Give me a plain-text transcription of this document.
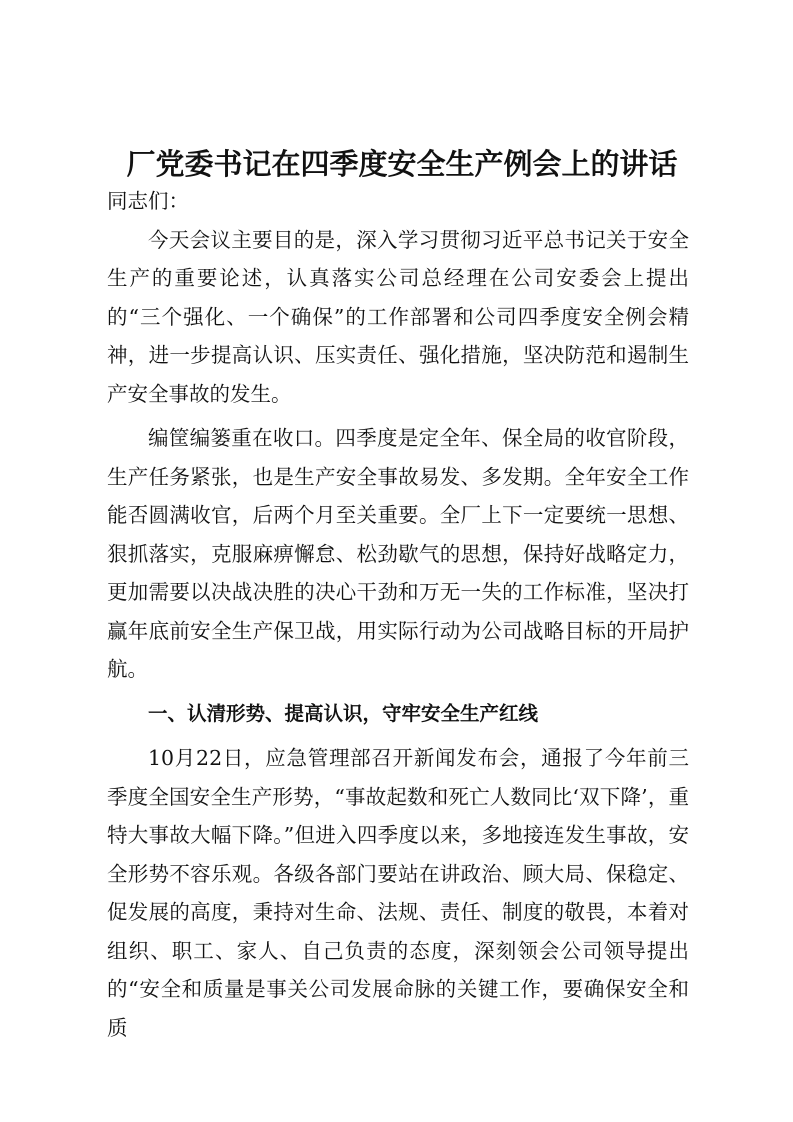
厂党委书记在四季度安全生产例会上的讲话

同志们：

今天会议主要目的是，深入学习贯彻习近平总书记关于安全生产的重要论述，认真落实公司总经理在公司安委会上提出的“三个强化、一个确保”的工作部署和公司四季度安全例会精神，进一步提高认识、压实责任、强化措施，坚决防范和遏制生产安全事故的发生。

编筐编篓重在收口。四季度是定全年、保全局的收官阶段，生产任务紧张，也是生产安全事故易发、多发期。全年安全工作能否圆满收官，后两个月至关重要。全厂上下一定要统一思想、狠抓落实，克服麻痹懈怠、松劲歇气的思想，保持好战略定力，更加需要以决战决胜的决心干劲和万无一失的工作标准，坚决打赢年底前安全生产保卫战，用实际行动为公司战略目标的开局护航。

一、认清形势、提高认识，守牢安全生产红线

10月22日，应急管理部召开新闻发布会，通报了今年前三季度全国安全生产形势，“事故起数和死亡人数同比‘双下降’，重特大事故大幅下降。”但进入四季度以来，多地接连发生事故，安全形势不容乐观。各级各部门要站在讲政治、顾大局、保稳定、促发展的高度，秉持对生命、法规、责任、制度的敬畏，本着对组织、职工、家人、自己负责的态度，深刻领会公司领导提出的“安全和质量是事关公司发展命脉的关键工作，要确保安全和质
